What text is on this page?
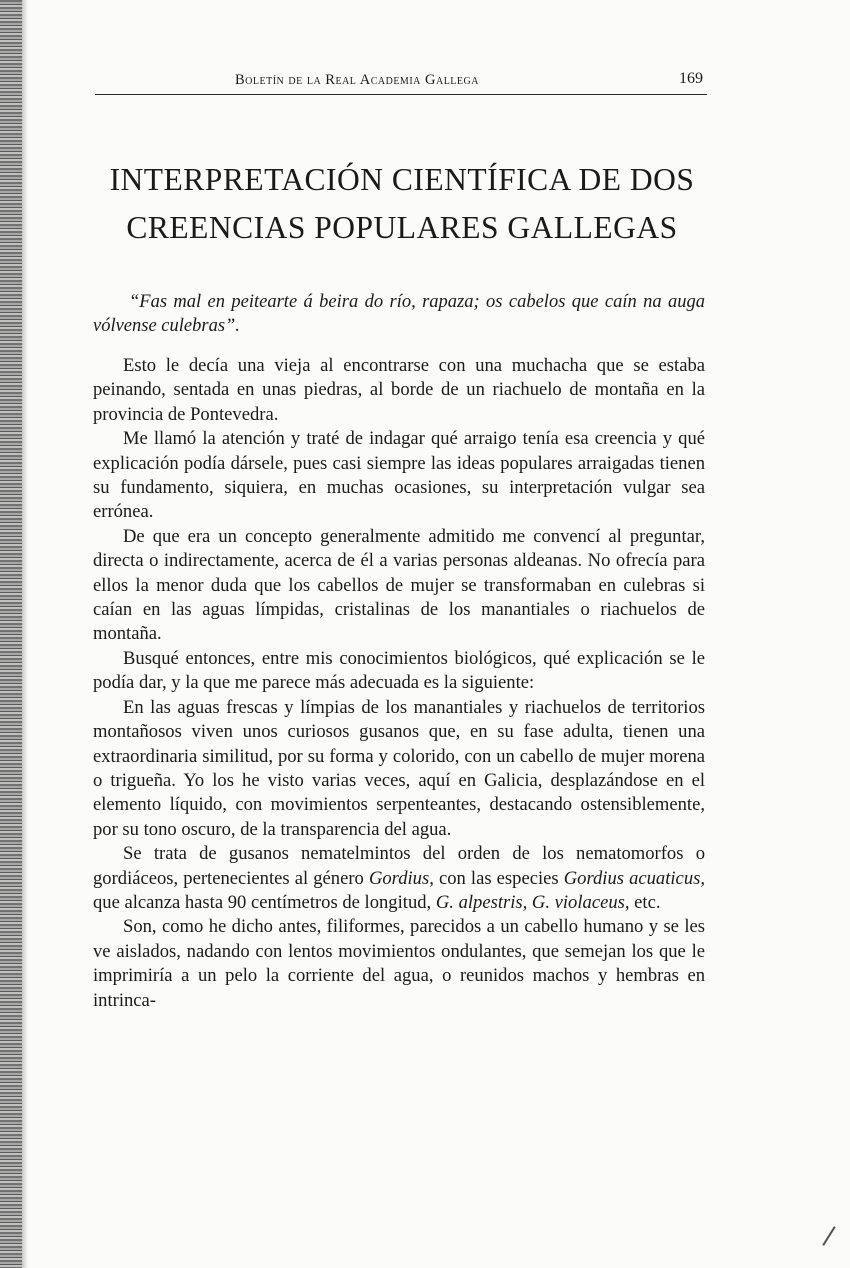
Boletín de la Real Academia Gallega	169
INTERPRETACIÓN CIENTÍFICA DE DOS
CREENCIAS POPULARES GALLEGAS
“Fas mal en peitearte á beira do río, rapaza; os cabelos que caín na auga vólvense culebras”.

Esto le decía una vieja al encontrarse con una muchacha que se estaba peinando, sentada en unas piedras, al borde de un riachuelo de montaña en la provincia de Pontevedra.

Me llamó la atención y traté de indagar qué arraigo tenía esa creencia y qué explicación podía dársele, pues casi siempre las ideas populares arraigadas tienen su fundamento, siquiera, en muchas ocasiones, su interpretación vulgar sea errónea.

De que era un concepto generalmente admitido me convencí al preguntar, directa o indirectamente, acerca de él a varias personas aldeanas. No ofrecía para ellos la menor duda que los cabellos de mujer se transformaban en culebras si caían en las aguas límpidas, cristalinas de los manantiales o riachuelos de montaña.

Busqué entonces, entre mis conocimientos biológicos, qué explicación se le podía dar, y la que me parece más adecuada es la siguiente:

En las aguas frescas y límpias de los manantiales y riachuelos de territorios montañosos viven unos curiosos gusanos que, en su fase adulta, tienen una extraordinaria similitud, por su forma y colorido, con un cabello de mujer morena o trigueña. Yo los he visto varias veces, aquí en Galicia, desplazándose en el elemento líquido, con movimientos serpenteantes, destacando ostensiblemente, por su tono oscuro, de la transparencia del agua.

Se trata de gusanos nematelmintos del orden de los nematomorfos o gordiáceos, pertenecientes al género Gordius, con las especies Gordius acuaticus, que alcanza hasta 90 centímetros de longitud, G. alpestris, G. violaceus, etc.

Son, como he dicho antes, filiformes, parecidos a un cabello humano y se les ve aislados, nadando con lentos movimientos ondulantes, que semejan los que le imprimiría a un pelo la corriente del agua, o reunidos machos y hembras en intrinca-
